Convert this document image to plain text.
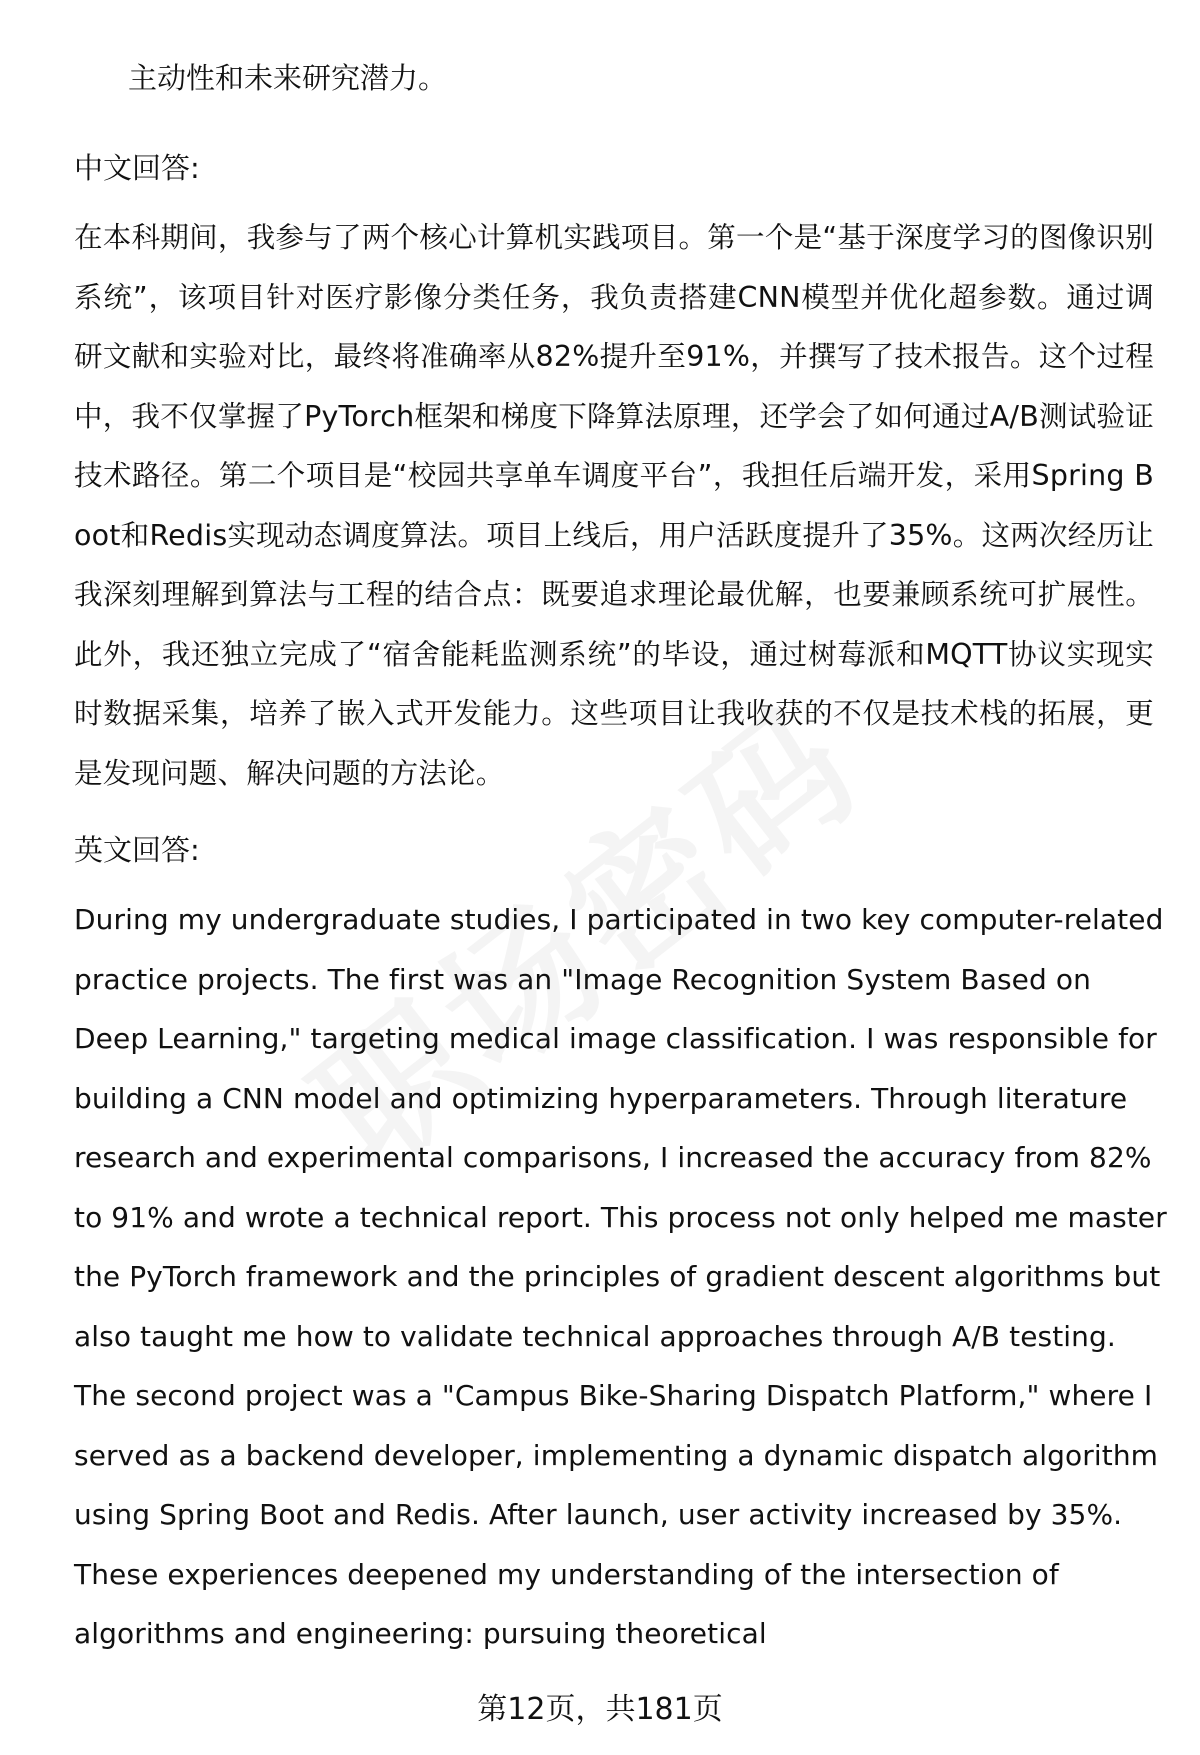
主动性和未来研究潜力。
中文回答:

在本科期间，我参与了两个核心计算机实践项目。第一个是“基于深度学习的图像识别系统”，该项目针对医疗影像分类任务，我负责搭建CNN模型并优化超参数。通过调研文献和实验对比，最终将准确率从82%提升至91%，并撰写了技术报告。这个过程中，我不仅掌握了PyTorch框架和梯度下降算法原理，还学会了如何通过A/B测试验证技术路径。第二个项目是“校园共享单车调度平台”，我担任后端开发，采用Spring Boot和Redis实现动态调度算法。项目上线后，用户活跃度提升了35%。这两次经历让我深刻理解到算法与工程的结合点：既要追求理论最优解，也要兼顾系统可扩展性。此外，我还独立完成了“宿舍能耗监测系统”的毕设，通过树莓派和MQTT协议实现实时数据采集，培养了嵌入式开发能力。这些项目让我收获的不仅是技术栈的拓展，更是发现问题、解决问题的方法论。

英文回答:

During my undergraduate studies, I participated in two key computer-related practice projects. The first was an "Image Recognition System Based on Deep Learning," targeting medical image classification. I was responsible for building a CNN model and optimizing hyperparameters. Through literature research and experimental comparisons, I increased the accuracy from 82% to 91% and wrote a technical report. This process not only helped me master the PyTorch framework and the principles of gradient descent algorithms but also taught me how to validate technical approaches through A/B testing. The second project was a "Campus Bike-Sharing Dispatch Platform," where I served as a backend developer, implementing a dynamic dispatch algorithm using Spring Boot and Redis. After launch, user activity increased by 35%. These experiences deepened my understanding of the intersection of algorithms and engineering: pursuing theoretical

第12页，共181页
